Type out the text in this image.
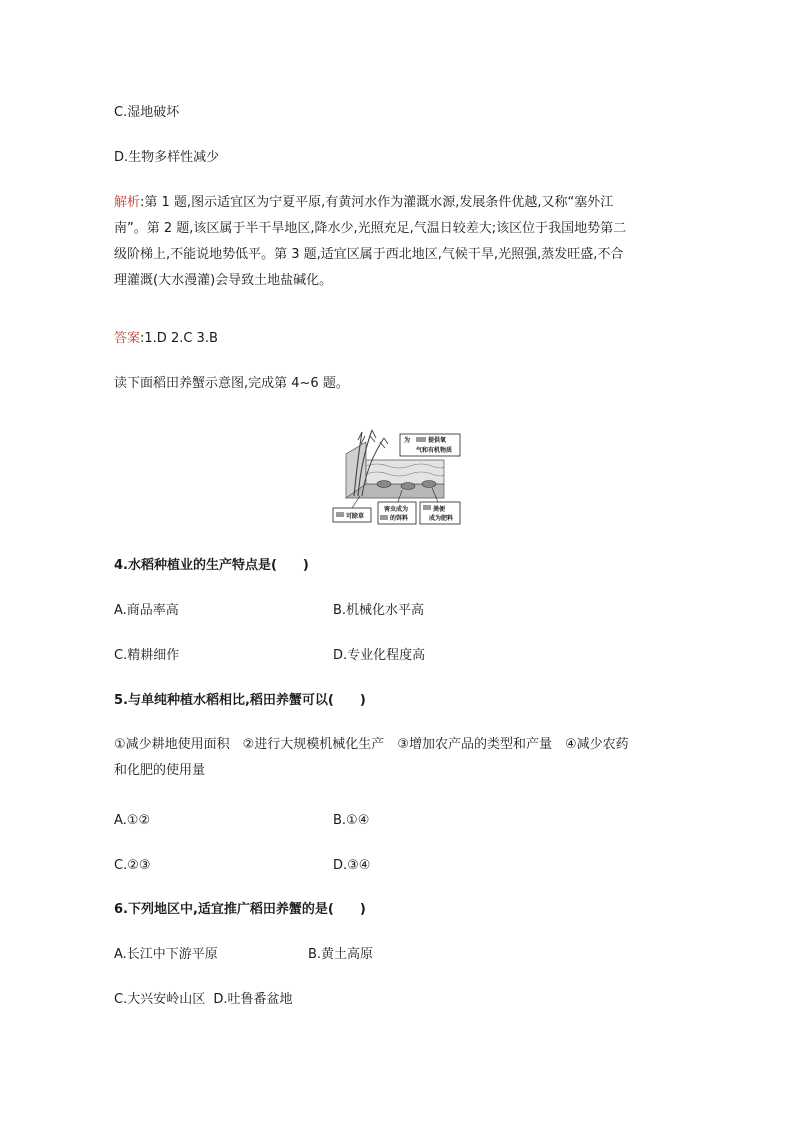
C.湿地破坏
D.生物多样性减少
解析:第 1 题,图示适宜区为宁夏平原,有黄河水作为灌溉水源,发展条件优越,又称“塞外江
南”。第 2 题,该区属于半干旱地区,降水少,光照充足,气温日较差大;该区位于我国地势第二
级阶梯上,不能说地势低平。第 3 题,适宜区属于西北地区,气候干旱,光照强,蒸发旺盛,不合
理灌溉(大水漫灌)会导致土地盐碱化。
答案:1.D 2.C 3.B
读下面稻田养蟹示意图,完成第 4~6 题。
为	提供氧
气和有机物质
可除草
害虫成为
的饵料
粪便
成为肥料
4.水稻种植业的生产特点是(　　)
A.商品率高	B.机械化水平高
C.精耕细作	D.专业化程度高
5.与单纯种植水稻相比,稻田养蟹可以(　　)
①减少耕地使用面积　②进行大规模机械化生产　③增加农产品的类型和产量　④减少农药
和化肥的使用量
A.①②	B.①④
C.②③	D.③④
6.下列地区中,适宜推广稻田养蟹的是(　　)
A.长江中下游平原	B.黄土高原
C.大兴安岭山区 D.吐鲁番盆地
